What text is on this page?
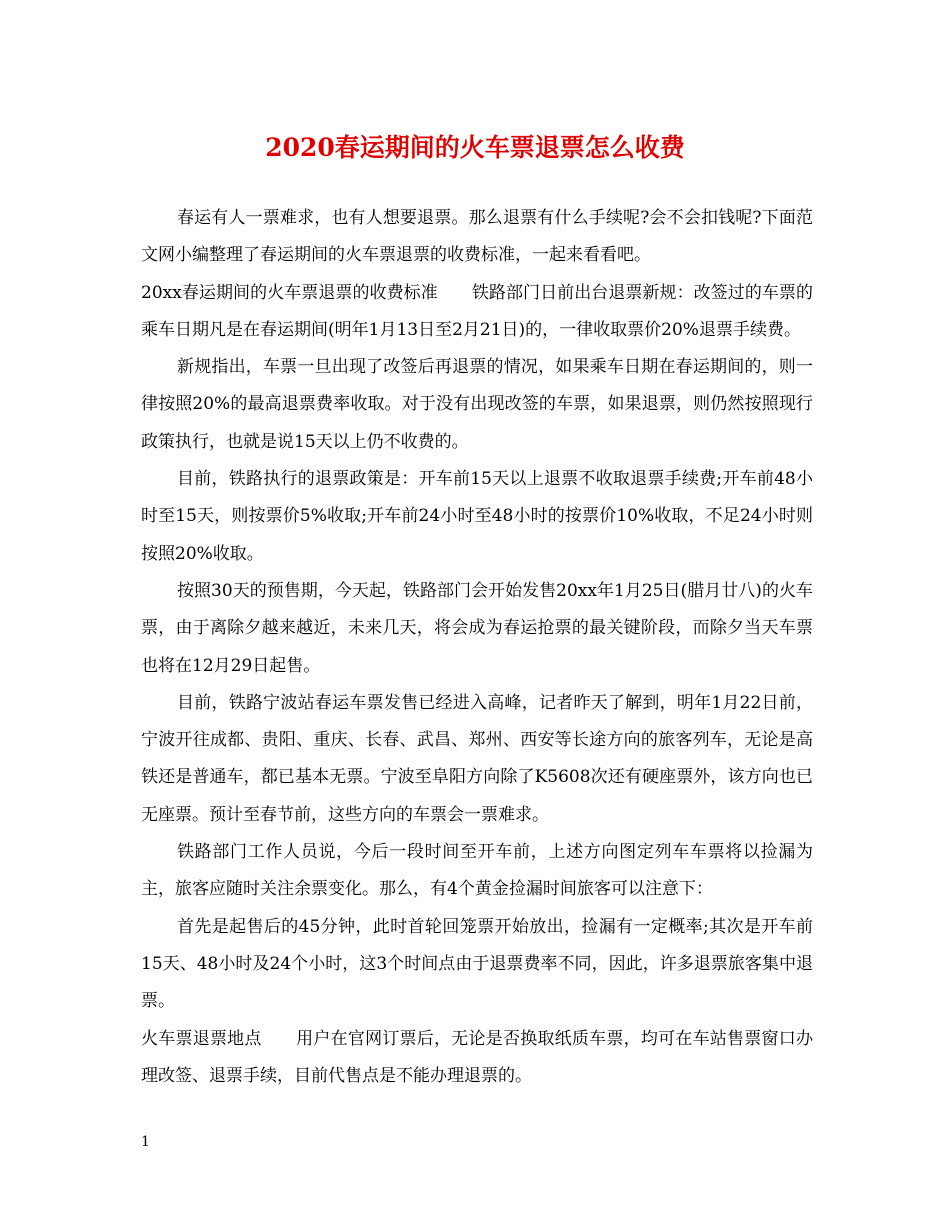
2020春运期间的火车票退票怎么收费

春运有人一票难求，也有人想要退票。那么退票有什么手续呢?会不会扣钱呢?下面范文网小编整理了春运期间的火车票退票的收费标准，一起来看看吧。

20xx春运期间的火车票退票的收费标准　　铁路部门日前出台退票新规：改签过的车票的乘车日期凡是在春运期间(明年1月13日至2月21日)的，一律收取票价20%退票手续费。

新规指出，车票一旦出现了改签后再退票的情况，如果乘车日期在春运期间的，则一律按照20%的最高退票费率收取。对于没有出现改签的车票，如果退票，则仍然按照现行政策执行，也就是说15天以上仍不收费的。

目前，铁路执行的退票政策是：开车前15天以上退票不收取退票手续费;开车前48小时至15天，则按票价5%收取;开车前24小时至48小时的按票价10%收取，不足24小时则按照20%收取。

按照30天的预售期，今天起，铁路部门会开始发售20xx年1月25日(腊月廿八)的火车票，由于离除夕越来越近，未来几天，将会成为春运抢票的最关键阶段，而除夕当天车票也将在12月29日起售。

目前，铁路宁波站春运车票发售已经进入高峰，记者昨天了解到，明年1月22日前，宁波开往成都、贵阳、重庆、长春、武昌、郑州、西安等长途方向的旅客列车，无论是高铁还是普通车，都已基本无票。宁波至阜阳方向除了K5608次还有硬座票外，该方向也已无座票。预计至春节前，这些方向的车票会一票难求。

铁路部门工作人员说，今后一段时间至开车前，上述方向图定列车车票将以捡漏为主，旅客应随时关注余票变化。那么，有4个黄金捡漏时间旅客可以注意下：

首先是起售后的45分钟，此时首轮回笼票开始放出，捡漏有一定概率;其次是开车前15天、48小时及24个小时，这3个时间点由于退票费率不同，因此，许多退票旅客集中退票。

火车票退票地点　　用户在官网订票后，无论是否换取纸质车票，均可在车站售票窗口办理改签、退票手续，目前代售点是不能办理退票的。

1
